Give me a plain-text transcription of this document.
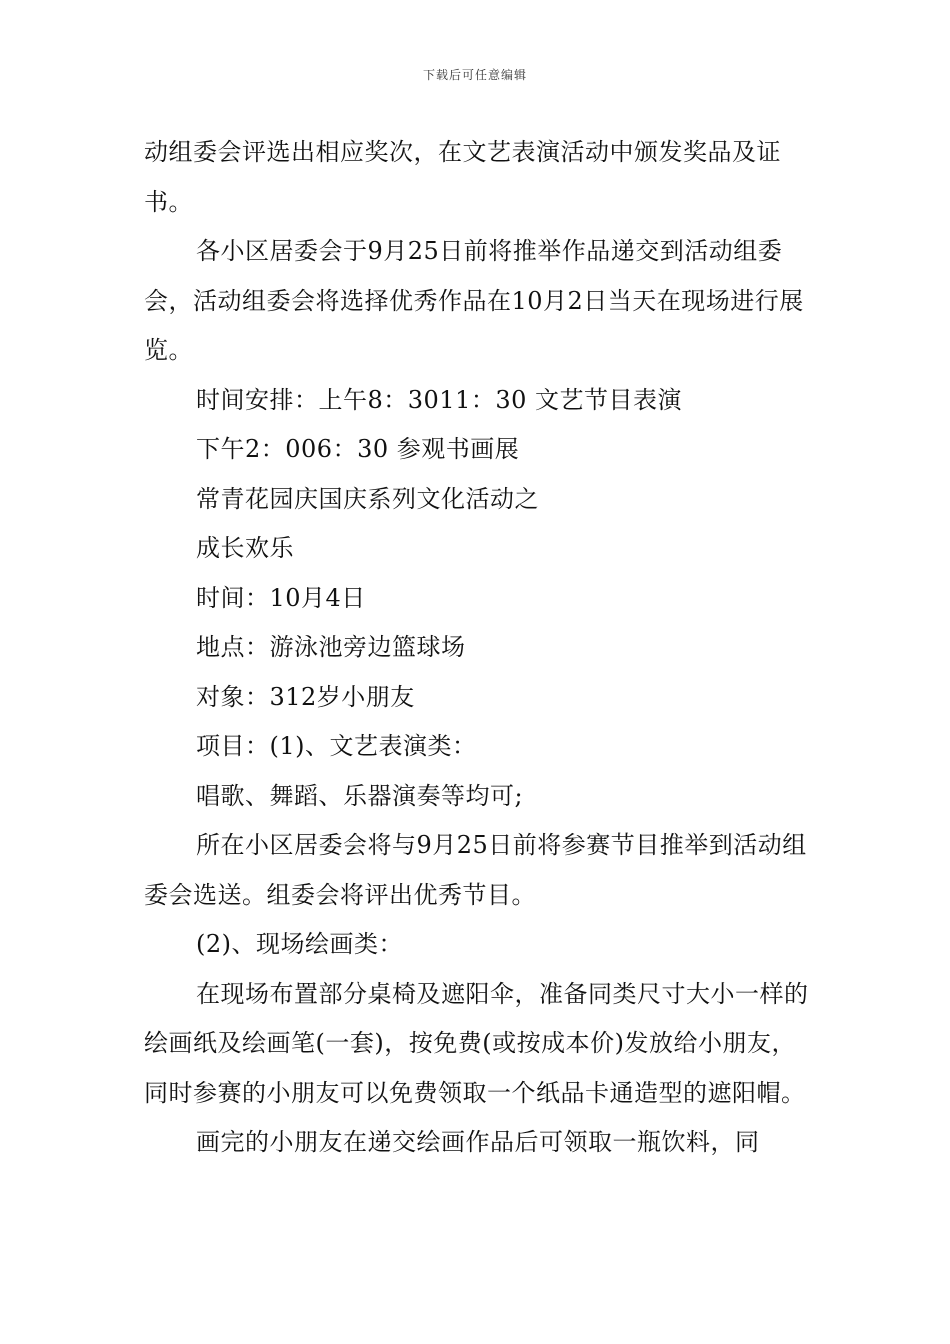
下载后可任意编辑

动组委会评选出相应奖次，在文艺表演活动中颁发奖品及证书。

各小区居委会于9月25日前将推举作品递交到活动组委会，活动组委会将选择优秀作品在10月2日当天在现场进行展览。

时间安排：上午8：3011：30 文艺节目表演

下午2：006：30 参观书画展

常青花园庆国庆系列文化活动之

成长欢乐

时间：10月4日

地点：游泳池旁边篮球场

对象：312岁小朋友

项目：(1)、文艺表演类：

唱歌、舞蹈、乐器演奏等均可;

所在小区居委会将与9月25日前将参赛节目推举到活动组委会选送。组委会将评出优秀节目。

(2)、现场绘画类：

在现场布置部分桌椅及遮阳伞，准备同类尺寸大小一样的绘画纸及绘画笔(一套)，按免费(或按成本价)发放给小朋友，同时参赛的小朋友可以免费领取一个纸品卡通造型的遮阳帽。

画完的小朋友在递交绘画作品后可领取一瓶饮料，同
